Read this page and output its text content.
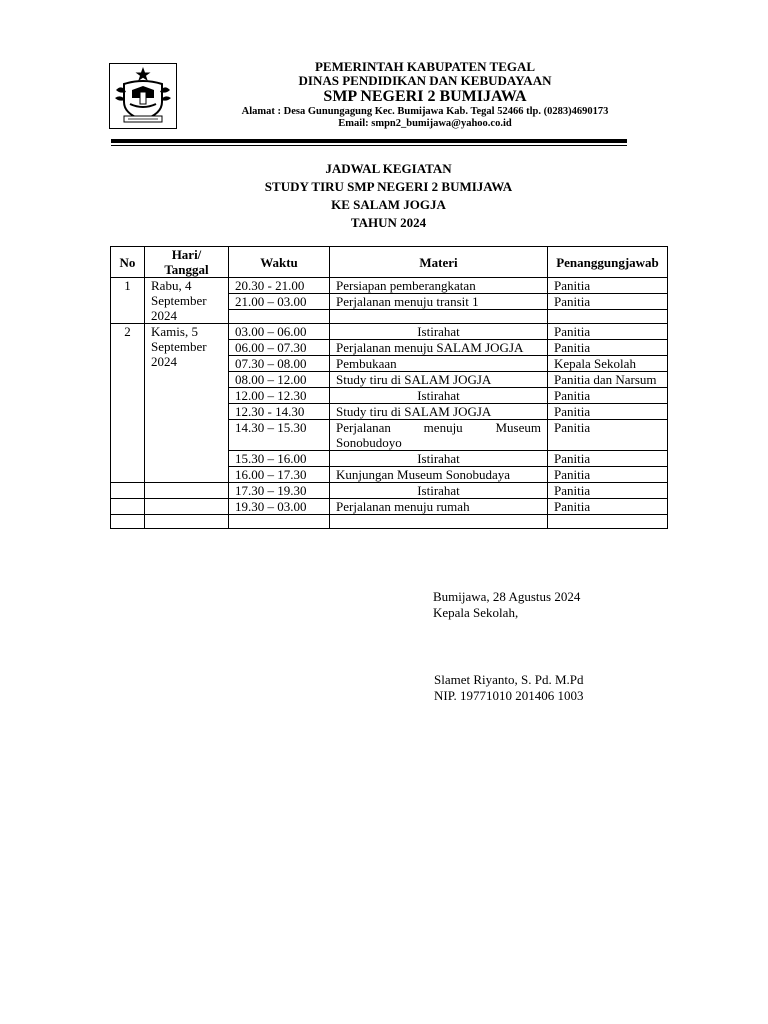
PEMERINTAH KABUPATEN TEGAL
DINAS PENDIDIKAN DAN KEBUDAYAAN
SMP NEGERI 2 BUMIJAWA
Alamat : Desa Gunungagung Kec. Bumijawa Kab. Tegal 52466 tlp. (0283)4690173
Email: smpn2_bumijawa@yahoo.co.id
JADWAL KEGIATAN
STUDY TIRU SMP NEGERI 2 BUMIJAWA
KE SALAM JOGJA
TAHUN 2024
No	Hari/ Tanggal	Waktu	Materi	Penanggungjawab
1	Rabu, 4 September 2024	20.30 - 21.00	Persiapan pemberangkatan	Panitia
		21.00 – 03.00	Perjalanan menuju transit 1	Panitia

2	Kamis, 5 September 2024	03.00 – 06.00	Istirahat	Panitia
		06.00 – 07.30	Perjalanan menuju SALAM JOGJA	Panitia
		07.30 – 08.00	Pembukaan	Kepala Sekolah
		08.00 – 12.00	Study tiru di SALAM JOGJA	Panitia dan Narsum
		12.00 – 12.30	Istirahat	Panitia
		12.30 - 14.30	Study tiru di SALAM JOGJA	Panitia
		14.30 – 15.30	Perjalanan menuju Museum Sonobudoyo	Panitia
		15.30 – 16.00	Istirahat	Panitia
		16.00 – 17.30	Kunjungan Museum Sonobudaya	Panitia
		17.30 – 19.30	Istirahat	Panitia
		19.30 – 03.00	Perjalanan menuju rumah	Panitia

Bumijawa, 28 Agustus 2024
Kepala Sekolah,
Slamet Riyanto, S. Pd. M.Pd
NIP. 19771010 201406 1003
